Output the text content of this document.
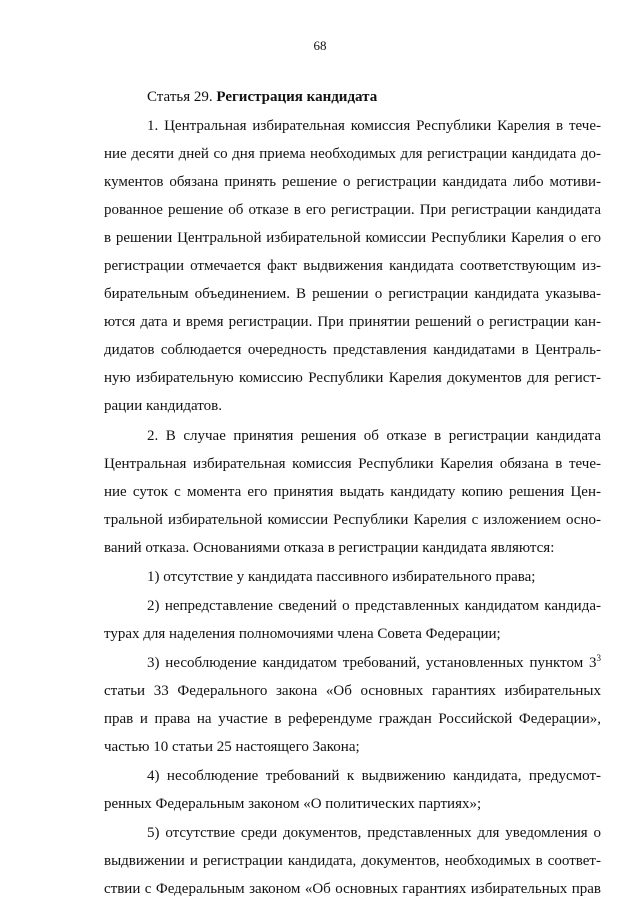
68
Статья 29. Регистрация кандидата
1. Центральная избирательная комиссия Республики Карелия в тече-
ние десяти дней со дня приема необходимых для регистрации кандидата до-
кументов обязана принять решение о регистрации кандидата либо мотиви-
рованное решение об отказе в его регистрации. При регистрации кандидата
в решении Центральной избирательной комиссии Республики Карелия о его
регистрации отмечается факт выдвижения кандидата соответствующим из-
бирательным объединением. В решении о регистрации кандидата указыва-
ются дата и время регистрации. При принятии решений о регистрации кан-
дидатов соблюдается очередность представления кандидатами в Централь-
ную избирательную комиссию Республики Карелия документов для регист-
рации кандидатов.
2. В случае принятия решения об отказе в регистрации кандидата
Центральная избирательная комиссия Республики Карелия обязана в тече-
ние суток с момента его принятия выдать кандидату копию решения Цен-
тральной избирательной комиссии Республики Карелия с изложением осно-
ваний отказа. Основаниями отказа в регистрации кандидата являются:
1) отсутствие у кандидата пассивного избирательного права;
2) непредставление сведений о представленных кандидатом кандида-
турах для наделения полномочиями члена Совета Федерации;
3) несоблюдение кандидатом требований, установленных пунктом $3^3$
статьи 33 Федерального закона «Об основных гарантиях избирательных
прав и права на участие в референдуме граждан Российской Федерации»,
частью 10 статьи 25 настоящего Закона;
4) несоблюдение требований к выдвижению кандидата, предусмот-
ренных Федеральным законом «О политических партиях»;
5) отсутствие среди документов, представленных для уведомления о
выдвижении и регистрации кандидата, документов, необходимых в соответ-
ствии с Федеральным законом «Об основных гарантиях избирательных прав
